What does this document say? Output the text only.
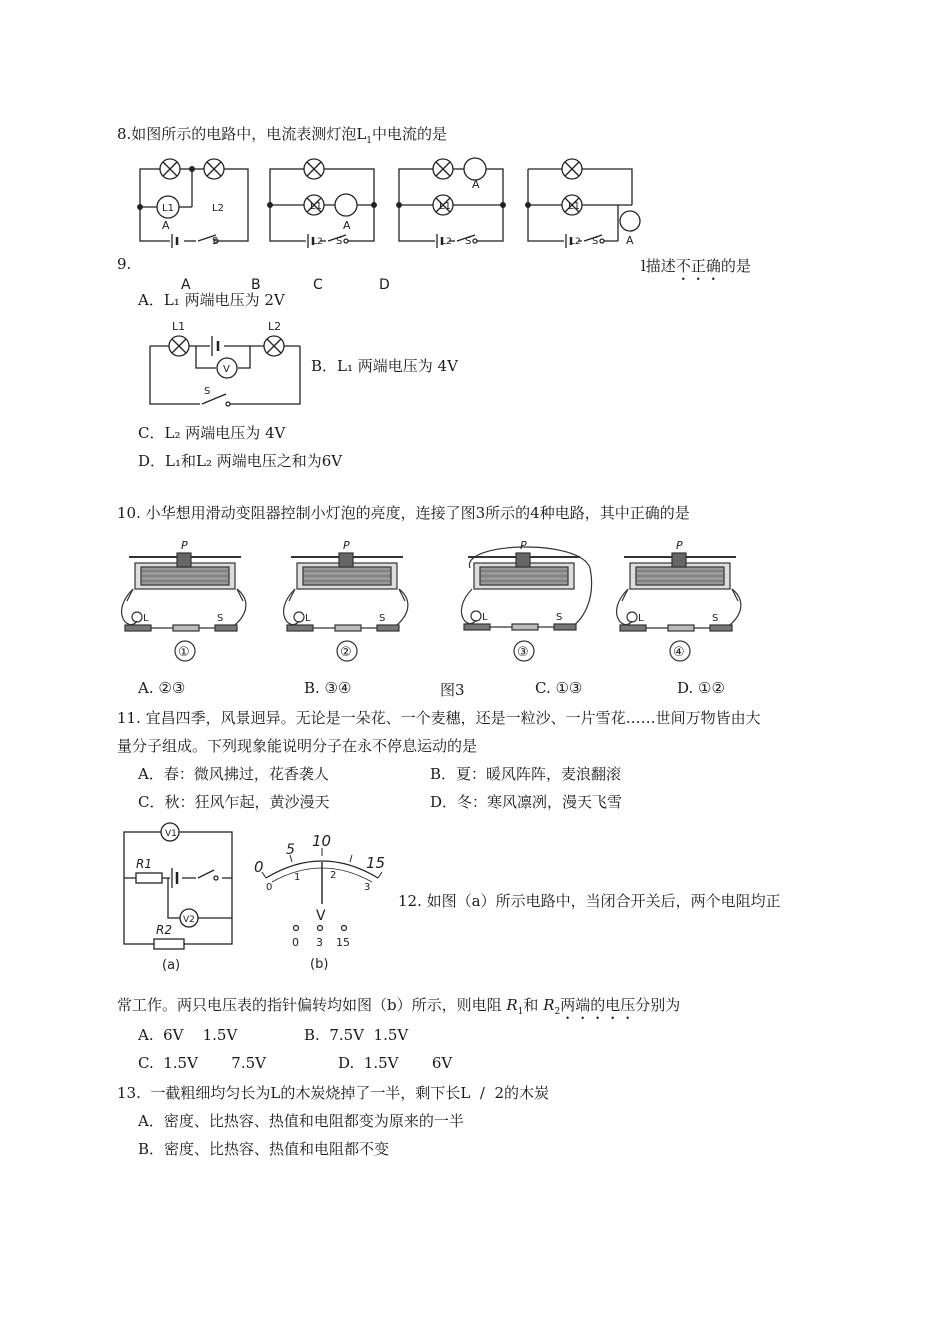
8.如图所示的电路中，电流表测灯泡$L_1$中电流的是
L1	L2
A
S
L1
A
L2 S
L1
A
L2 S
L1
A
L2 S
A	B	C	D
9.	l描述不正确的是
A．L₁ 两端电压为 2V
L1	L2
V
S
B．L₁ 两端电压为 4V
C．L₂ 两端电压为 4V
D．L₁和L₂ 两端电压之和为6V
10. 小华想用滑动变阻器控制小灯泡的亮度，连接了图3所示的4种电路，其中正确的是
P
L	S
①
P
L	S
②
P
L	S
③
P
L	S
④
A. ②③	B. ③④	图3	C. ①③	D. ①②
11. 宜昌四季，风景迥异。无论是一朵花、一个麦穗，还是一粒沙、一片雪花……世间万物皆由大
量分子组成。下列现象能说明分子在永不停息运动的是
A．春：微风拂过，花香袭人	B．夏：暖风阵阵，麦浪翻滚
C．秋：狂风乍起，黄沙漫天	D．冬：寒风凛冽，漫天飞雪
V1
V2
R1
R2
(a)
0
5 10
15
0
1	2
3
V
0 3 15
(b)
12. 如图（a）所示电路中，当闭合开关后，两个电阻均正
常工作。两只电压表的指针偏转均如图（b）所示，则电阻 $R_1$和 $R_2$两端的电压分别为
A.  6V    1.5V	B.  7.5V  1.5V
C.  1.5V       7.5V	D.  1.5V       6V
13.  一截粗细均匀长为L的木炭烧掉了一半，剩下长L  /  2的木炭
A．密度、比热容、热值和电阻都变为原来的一半
B．密度、比热容、热值和电阻都不变
